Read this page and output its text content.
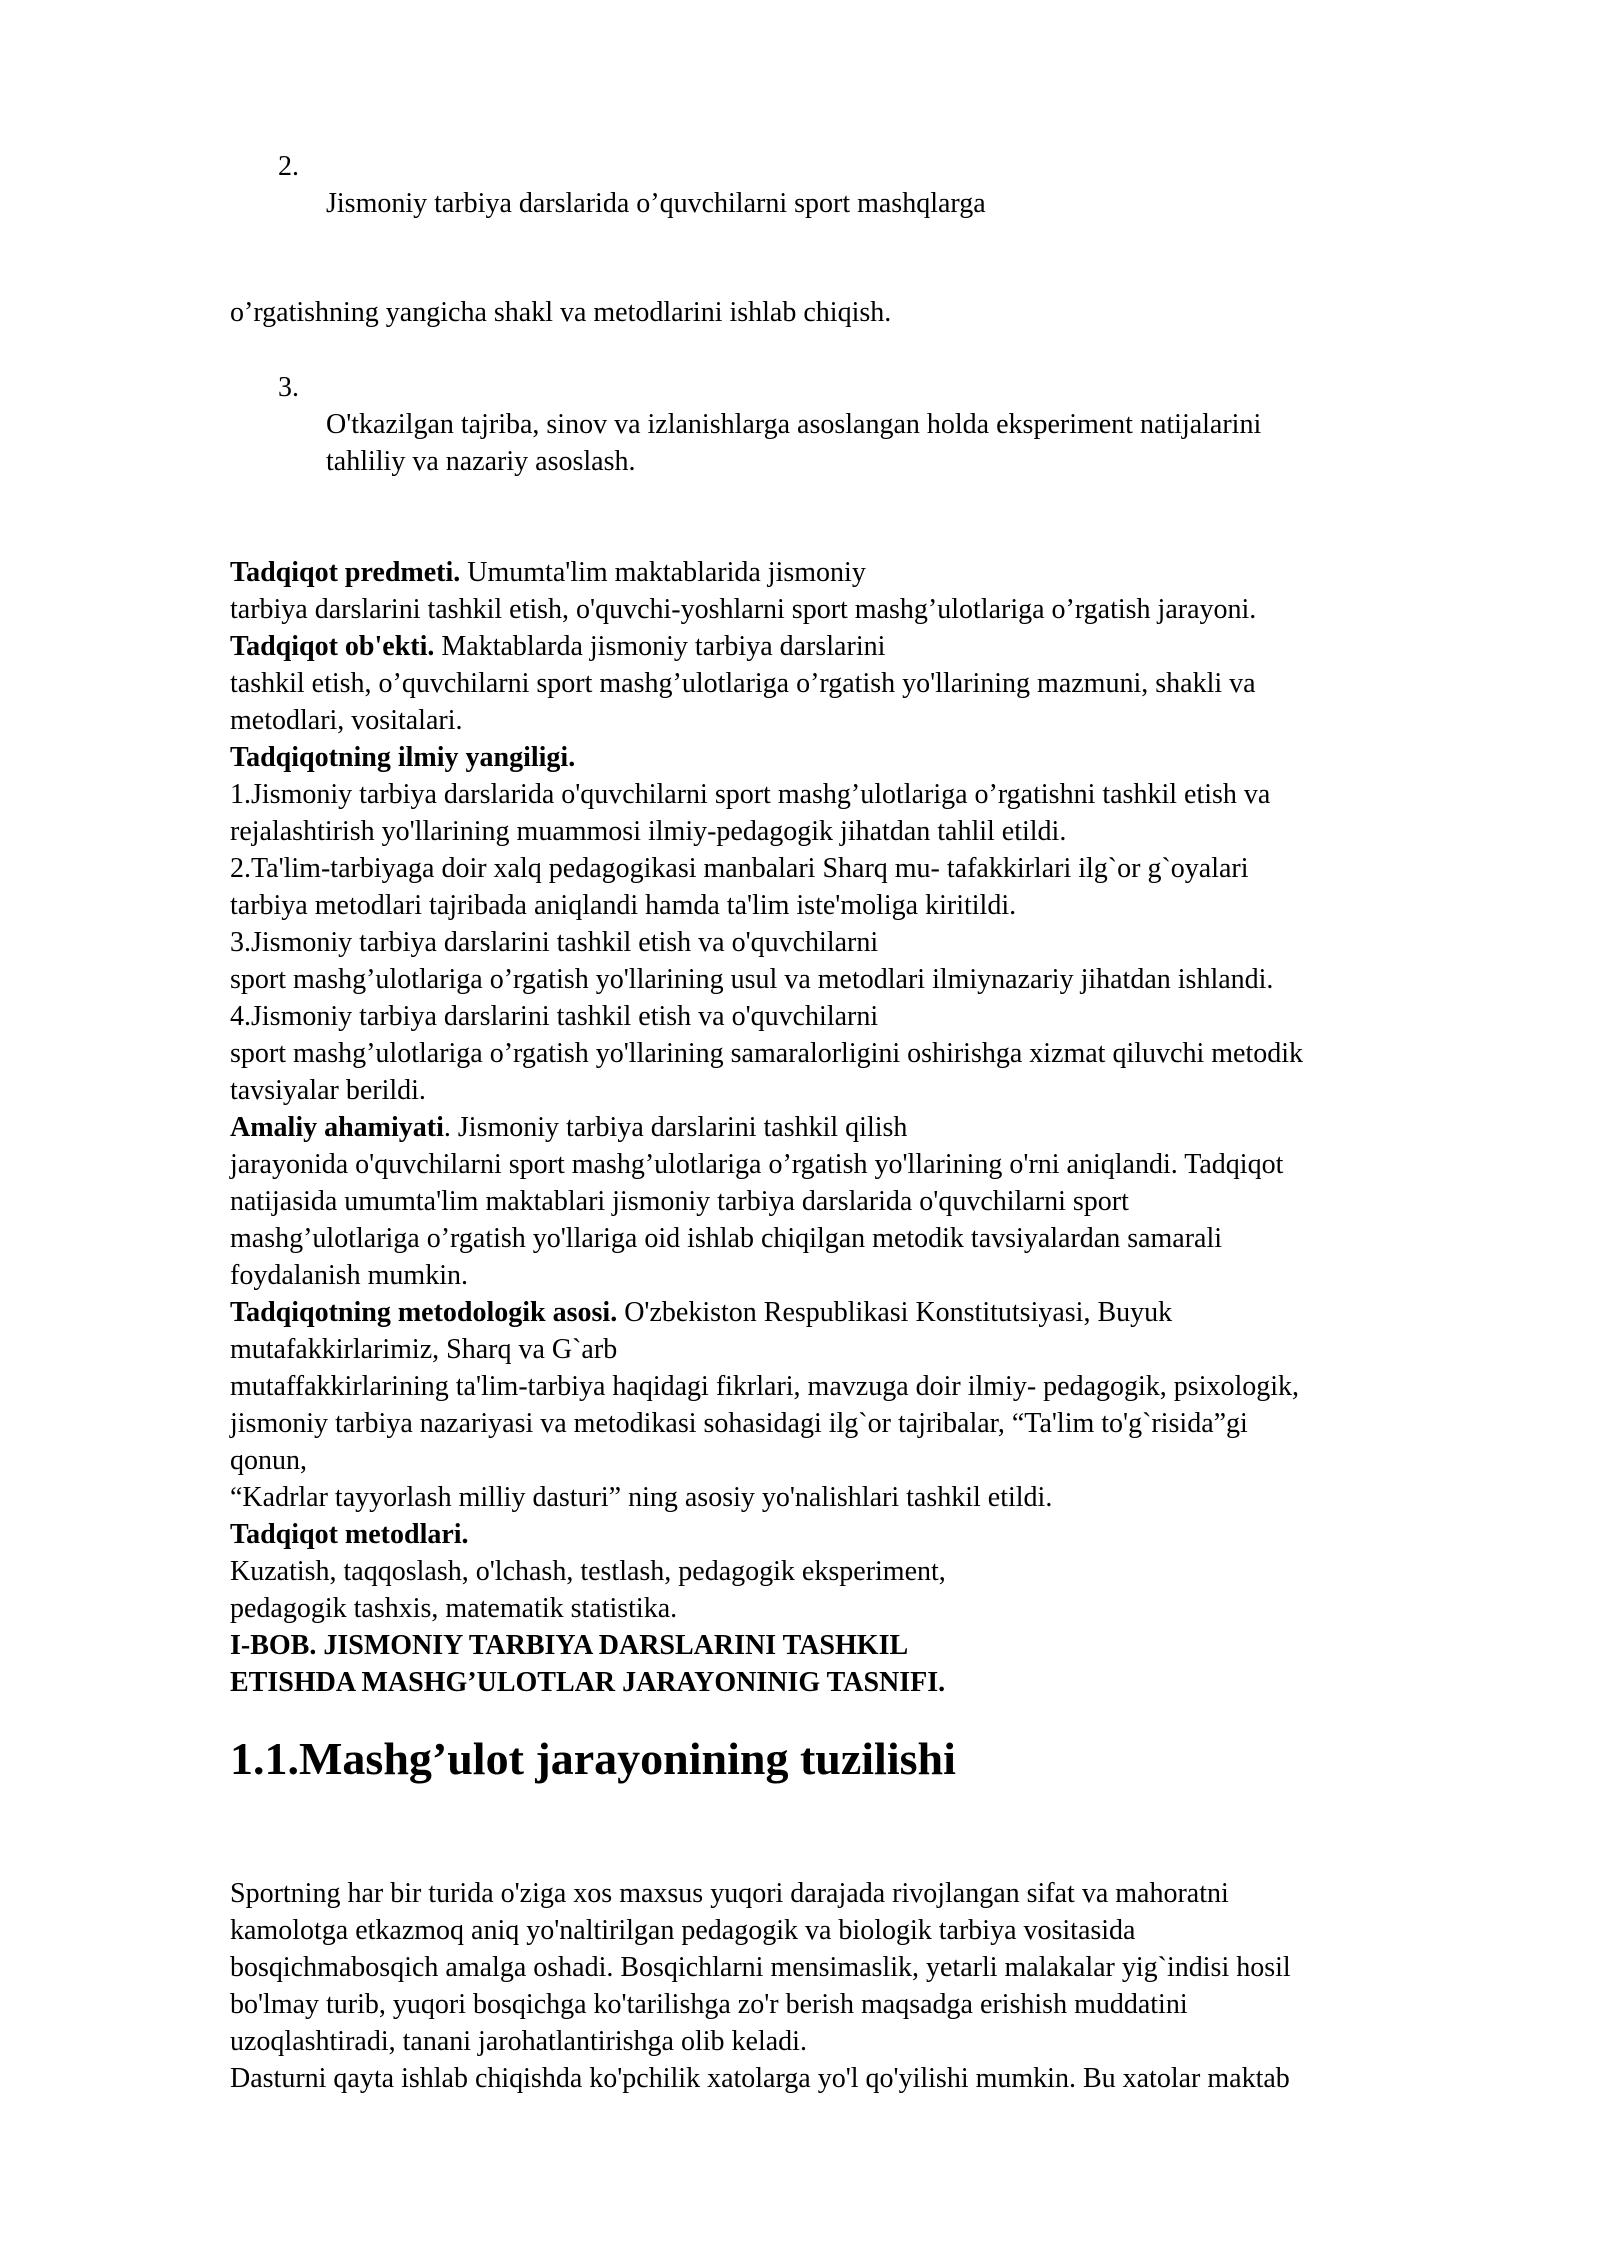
2.

Jismoniy tarbiya darslarida o’quvchilarni sport mashqlarga

o’rgatishning yangicha shakl va metodlarini ishlab chiqish.

3.

O'tkazilgan tajriba, sinov va izlanishlarga asoslangan holda eksperiment natijalarini

tahliliy va nazariy asoslash.

Tadqiqot predmeti. Umumta'lim maktablarida jismoniy

tarbiya darslarini tashkil etish, o'quvchi-yoshlarni sport mashg’ulotlariga o’rgatish jarayoni.

Tadqiqot ob'ekti. Maktablarda jismoniy tarbiya darslarini

tashkil etish, o’quvchilarni sport mashg’ulotlariga o’rgatish yo'llarining mazmuni, shakli va

metodlari, vositalari.

Tadqiqotning ilmiy yangiligi.

1.Jismoniy tarbiya darslarida o'quvchilarni sport mashg’ulotlariga o’rgatishni tashkil etish va

rejalashtirish yo'llarining muammosi ilmiy-pedagogik jihatdan tahlil etildi.

2.Ta'lim-tarbiyaga doir xalq pedagogikasi manbalari Sharq mu- tafakkirlari ilg`or g`oyalari

tarbiya metodlari tajribada aniqlandi hamda ta'lim iste'moliga kiritildi.

3.Jismoniy tarbiya darslarini tashkil etish va o'quvchilarni

sport mashg’ulotlariga o’rgatish yo'llarining usul va metodlari ilmiynazariy jihatdan ishlandi.

4.Jismoniy tarbiya darslarini tashkil etish va o'quvchilarni

sport mashg’ulotlariga o’rgatish yo'llarining samaralorligini oshirishga xizmat qiluvchi metodik

tavsiyalar berildi.

Amaliy ahamiyati. Jismoniy tarbiya darslarini tashkil qilish

jarayonida o'quvchilarni sport mashg’ulotlariga o’rgatish yo'llarining o'rni aniqlandi. Tadqiqot

natijasida umumta'lim maktablari jismoniy tarbiya darslarida o'quvchilarni sport

mashg’ulotlariga o’rgatish yo'llariga oid ishlab chiqilgan metodik tavsiyalardan samarali

foydalanish mumkin.

Tadqiqotning metodologik asosi. O'zbekiston Respublikasi Konstitutsiyasi, Buyuk

mutafakkirlarimiz, Sharq va G`arb

mutaffakkirlarining ta'lim-tarbiya haqidagi fikrlari, mavzuga doir ilmiy- pedagogik, psixologik,

jismoniy tarbiya nazariyasi va metodikasi sohasidagi ilg`or tajribalar, “Ta'lim to'g`risida”gi

qonun,

“Kadrlar tayyorlash milliy dasturi” ning asosiy yo'nalishlari tashkil etildi.

Tadqiqot metodlari.

Kuzatish, taqqoslash, o'lchash, testlash, pedagogik eksperiment,

pedagogik tashxis, matematik statistika.

I-BOB. JISMONIY TARBIYA DARSLARINI TASHKIL

ETISHDA MASHG’ULOTLAR JARAYONINIG TASNIFI.

1.1.Mashg’ulot jarayonining tuzilishi

Sportning har bir turida o'ziga xos maxsus yuqori darajada rivojlangan sifat va mahoratni

kamolotga etkazmoq aniq yo'naltirilgan pedagogik va biologik tarbiya vositasida

bosqichmabosqich amalga oshadi. Bosqichlarni mensimaslik, yetarli malakalar yig`indisi hosil

bo'lmay turib, yuqori bosqichga ko'tarilishga zo'r berish maqsadga erishish muddatini

uzoqlashtiradi, tanani jarohatlantirishga olib keladi.

Dasturni qayta ishlab chiqishda ko'pchilik xatolarga yo'l qo'yilishi mumkin. Bu xatolar maktab
